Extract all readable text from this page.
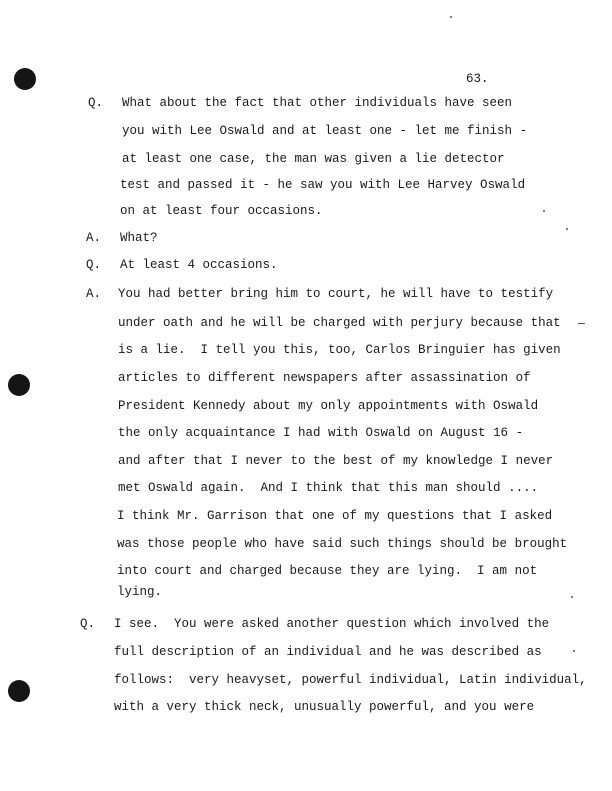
63.
Q. What about the fact that other individuals have seen
you with Lee Oswald and at least one - let me finish -
at least one case, the man was given a lie detector
test and passed it - he saw you with Lee Harvey Oswald
on at least four occasions.
A. What?
Q. At least 4 occasions.
A. You had better bring him to court, he will have to testify
under oath and he will be charged with perjury because that
is a lie.  I tell you this, too, Carlos Bringuier has given
articles to different newspapers after assassination of
President Kennedy about my only appointments with Oswald
the only acquaintance I had with Oswald on August 16 -
and after that I never to the best of my knowledge I never
met Oswald again.  And I think that this man should ....
I think Mr. Garrison that one of my questions that I asked
was those people who have said such things should be brought
into court and charged because they are lying.  I am not
lying.
Q. I see.  You were asked another question which involved the
full description of an individual and he was described as
follows:  very heavyset, powerful individual, Latin individual,
with a very thick neck, unusually powerful, and you were
